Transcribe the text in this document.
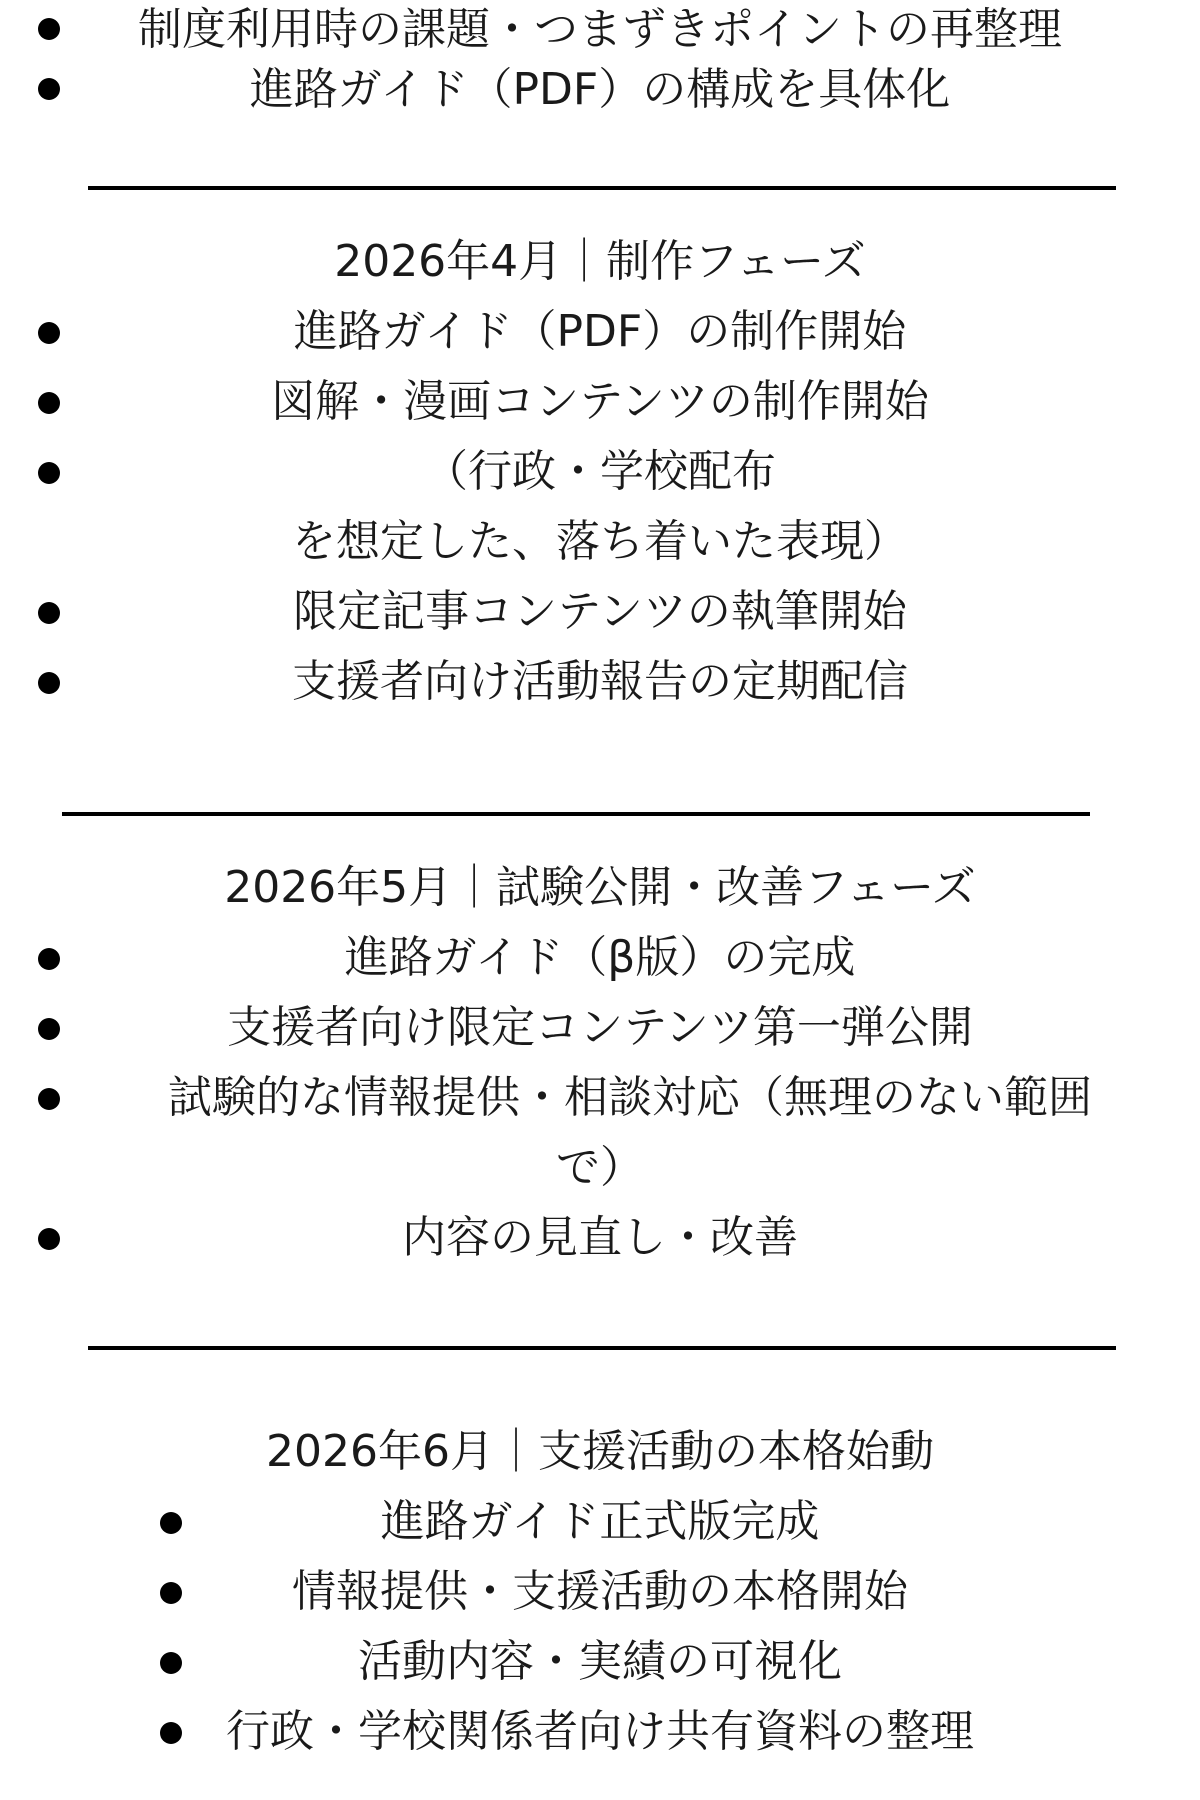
制度利用時の課題・つまずきポイントの再整理
進路ガイド（PDF）の構成を具体化
2026年4月｜制作フェーズ
進路ガイド（PDF）の制作開始
図解・漫画コンテンツの制作開始
（行政・学校配布
を想定した、落ち着いた表現）
限定記事コンテンツの執筆開始
支援者向け活動報告の定期配信
2026年5月｜試験公開・改善フェーズ
進路ガイド（β版）の完成
支援者向け限定コンテンツ第一弾公開
試験的な情報提供・相談対応（無理のない範囲
で）
内容の見直し・改善
2026年6月｜支援活動の本格始動
進路ガイド正式版完成
情報提供・支援活動の本格開始
活動内容・実績の可視化
行政・学校関係者向け共有資料の整理
